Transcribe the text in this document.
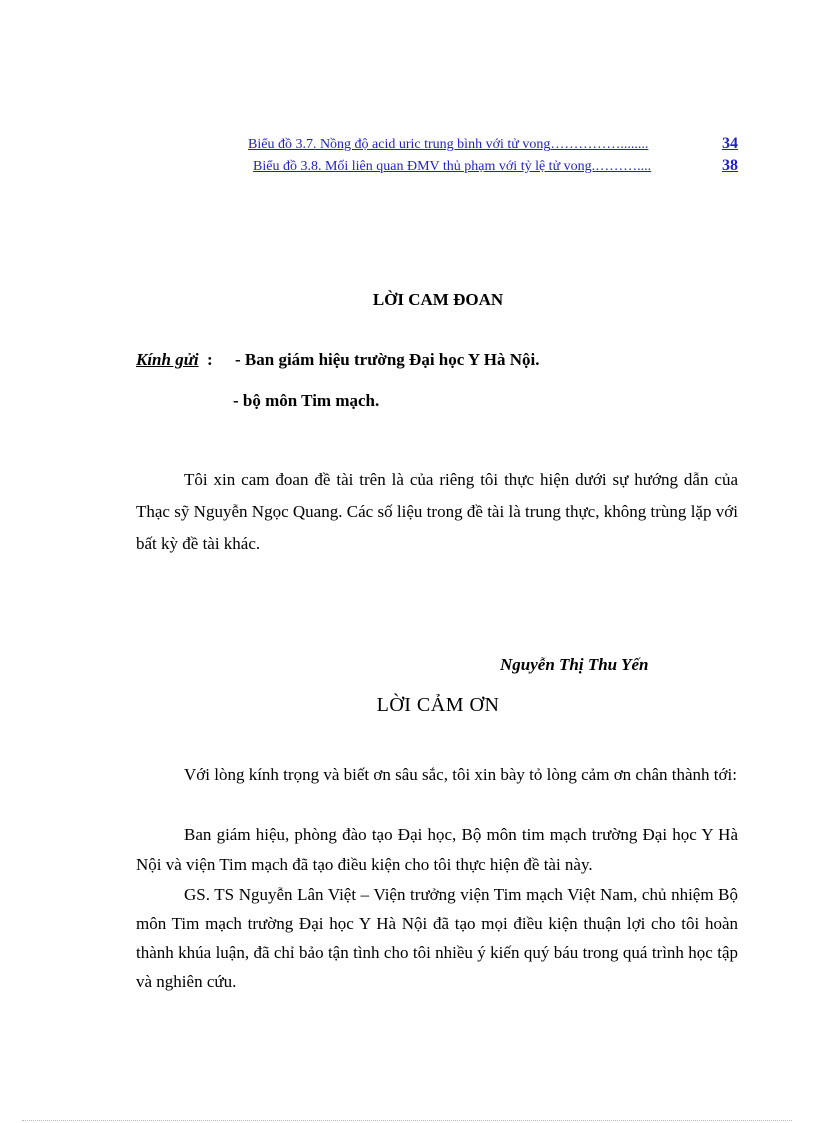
Biểu đồ 3.7. Nồng độ acid uric trung bình với tử vong ……………........	34
Biểu đồ 3.8. Mối liên quan ĐMV thủ phạm với tỷ lệ tử vong. ………....	38
LỜI CAM ĐOAN
Kính gửi : - Ban giám hiệu trường Đại học Y Hà Nội.
- bộ môn Tim mạch.

Tôi xin cam đoan đề tài trên là của riêng tôi thực hiện dưới sự hướng dẫn của Thạc sỹ Nguyễn Ngọc Quang. Các số liệu trong đề tài là trung thực, không trùng lặp với bất kỳ đề tài khác.

Nguyễn Thị Thu Yến
LỜI CẢM ƠN

Với lòng kính trọng và biết ơn sâu sắc, tôi xin bày tỏ lòng cảm ơn chân thành tới:

Ban giám hiệu, phòng đào tạo Đại học, Bộ môn tim mạch trường Đại học Y Hà Nội và viện Tim mạch đã tạo điều kiện cho tôi thực hiện đề tài này.

GS. TS Nguyễn Lân Việt – Viện trưởng viện Tim mạch Việt Nam, chủ nhiệm Bộ môn Tim mạch trường Đại học Y Hà Nội đã tạo mọi điều kiện thuận lợi cho tôi hoàn thành khúa luận, đã chỉ bảo tận tình cho tôi nhiều ý kiến quý báu trong quá trình học tập và nghiên cứu.
